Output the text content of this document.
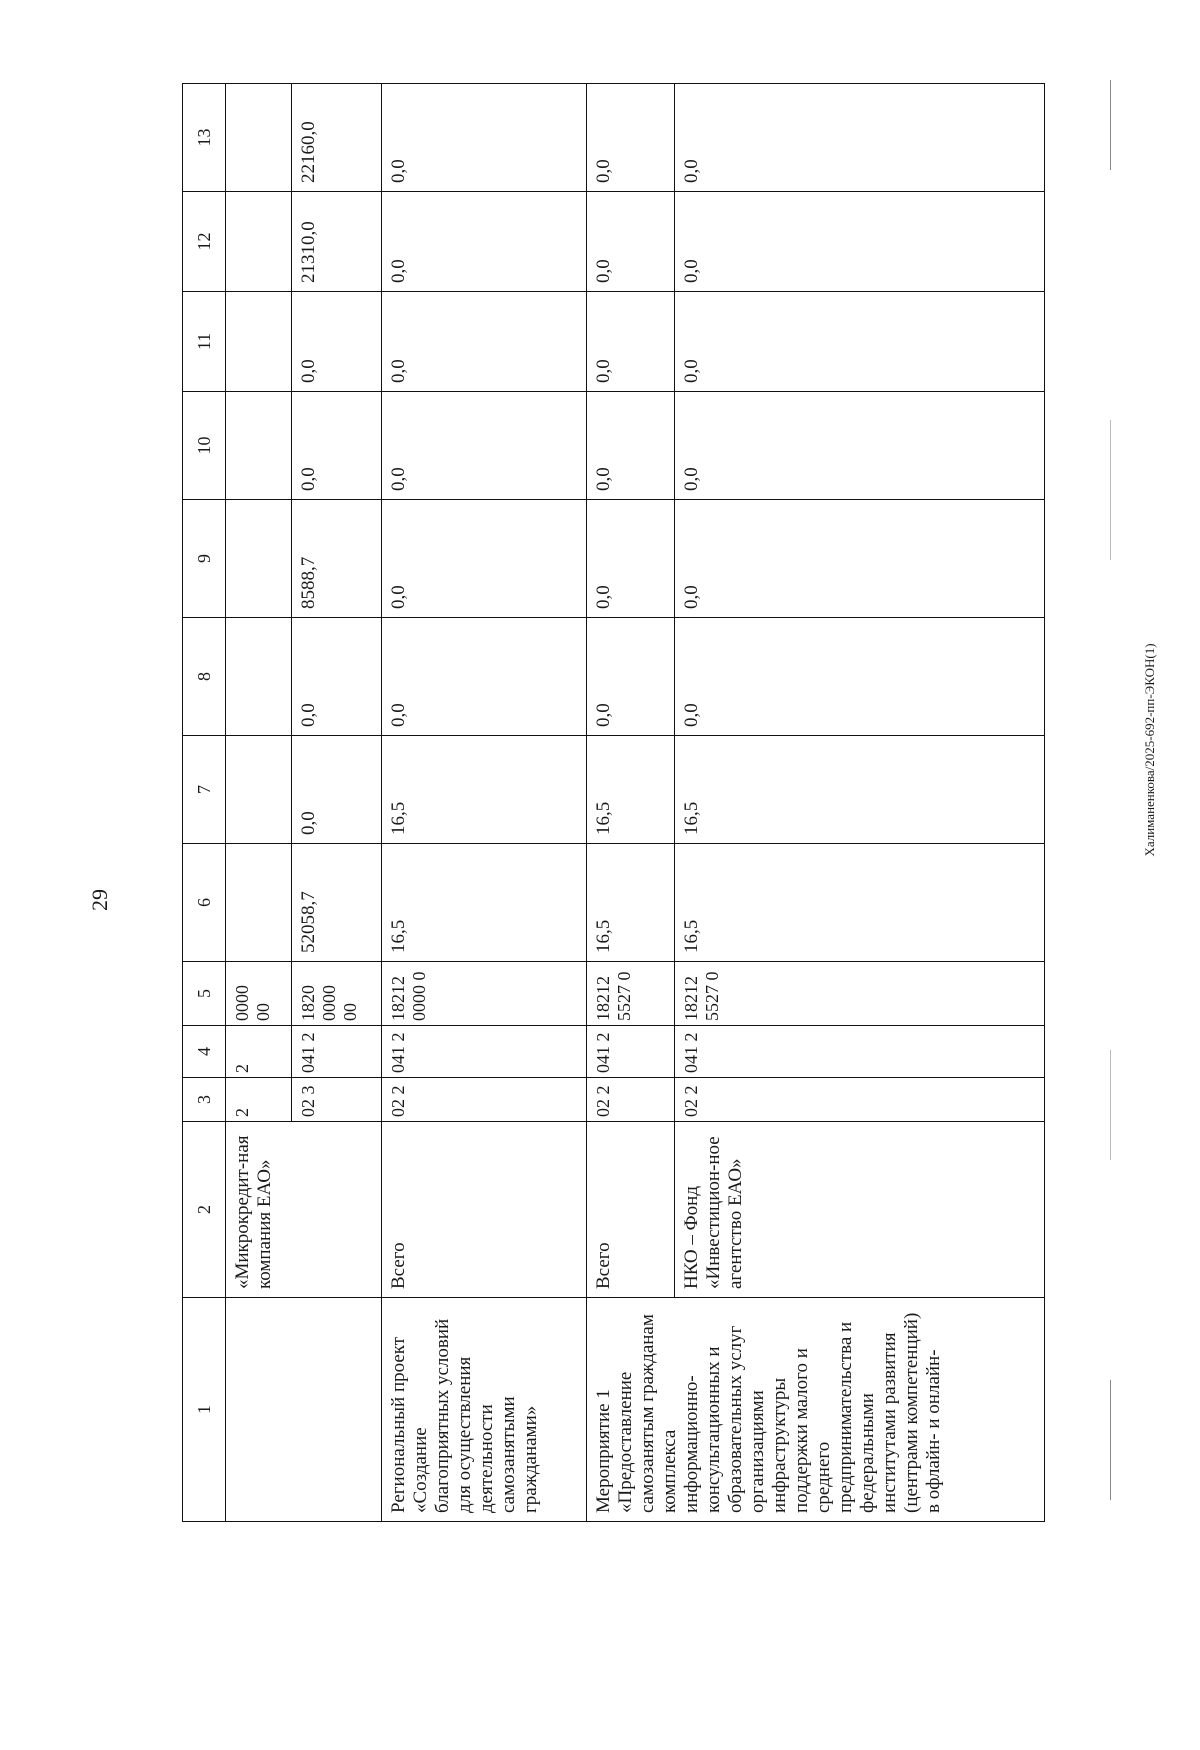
29
1	2	3	4	5	6	7	8	9	10	11	12	13
	«Микрокредит-ная компания ЕАО»	2	2	0000 00								
		02 3	041 2	1820 0000 00	52058,7	0,0	0,0	8588,7	0,0	0,0	21310,0	22160,0
Региональный проект «Создание благоприятных условий для осуществления деятельности самозанятыми гражданами»	Всего	02 2	041 2	18212 0000 0	16,5	16,5	0,0	0,0	0,0	0,0	0,0	0,0
Мероприятие 1 «Предоставление самозанятым гражданам комплекса информационно-консультационных и образовательных услуг организациями инфраструктуры поддержки малого и среднего предпринимательства и федеральными институтами развития (центрами компетенций) в офлайн- и онлайн-	Всего	02 2	041 2	18212 5527 0	16,5	16,5	0,0	0,0	0,0	0,0	0,0	0,0
	НКО – Фонд «Инвестицион-ное агентство ЕАО»	02 2	041 2	18212 5527 0	16,5	16,5	0,0	0,0	0,0	0,0	0,0	0,0
Халиманенкова/2025-692-пп-ЭКОН(1)
